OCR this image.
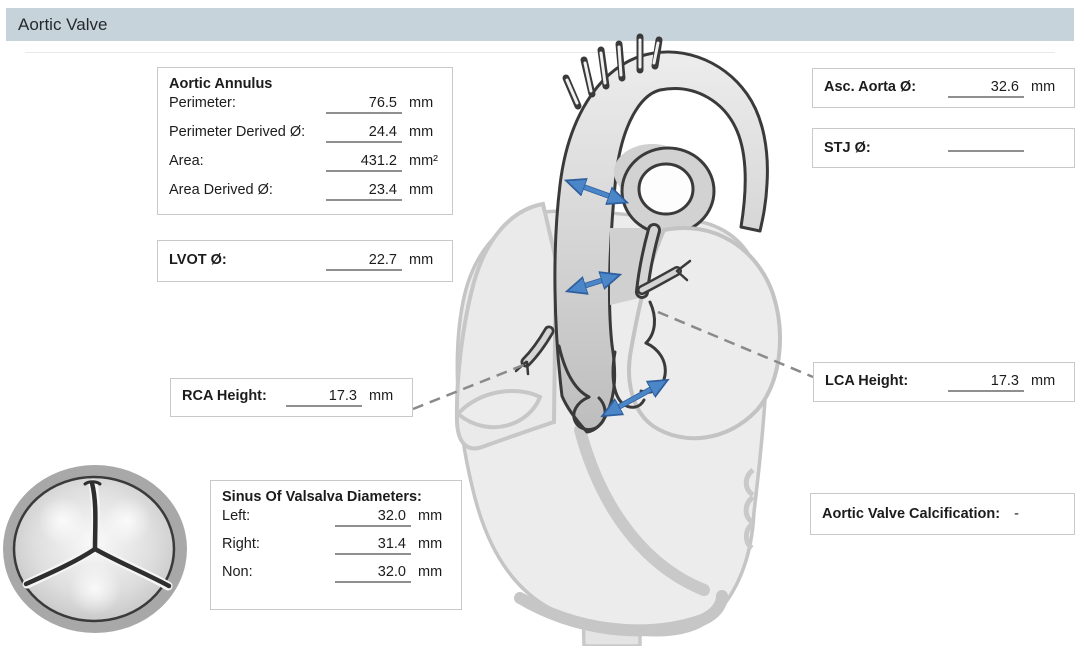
Aortic Valve
Aortic Annulus
Perimeter:	76.5 mm
Perimeter Derived Ø:	24.4 mm
Area:	431.2 mm²
Area Derived Ø:	23.4 mm
LVOT Ø:	22.7 mm
RCA Height:	17.3 mm
Asc. Aorta Ø:	32.6 mm
STJ Ø:
LCA Height:	17.3 mm
Sinus Of Valsalva Diameters:
Left:	32.0 mm
Right:	31.4 mm
Non:	32.0 mm
Aortic Valve Calcification: -
